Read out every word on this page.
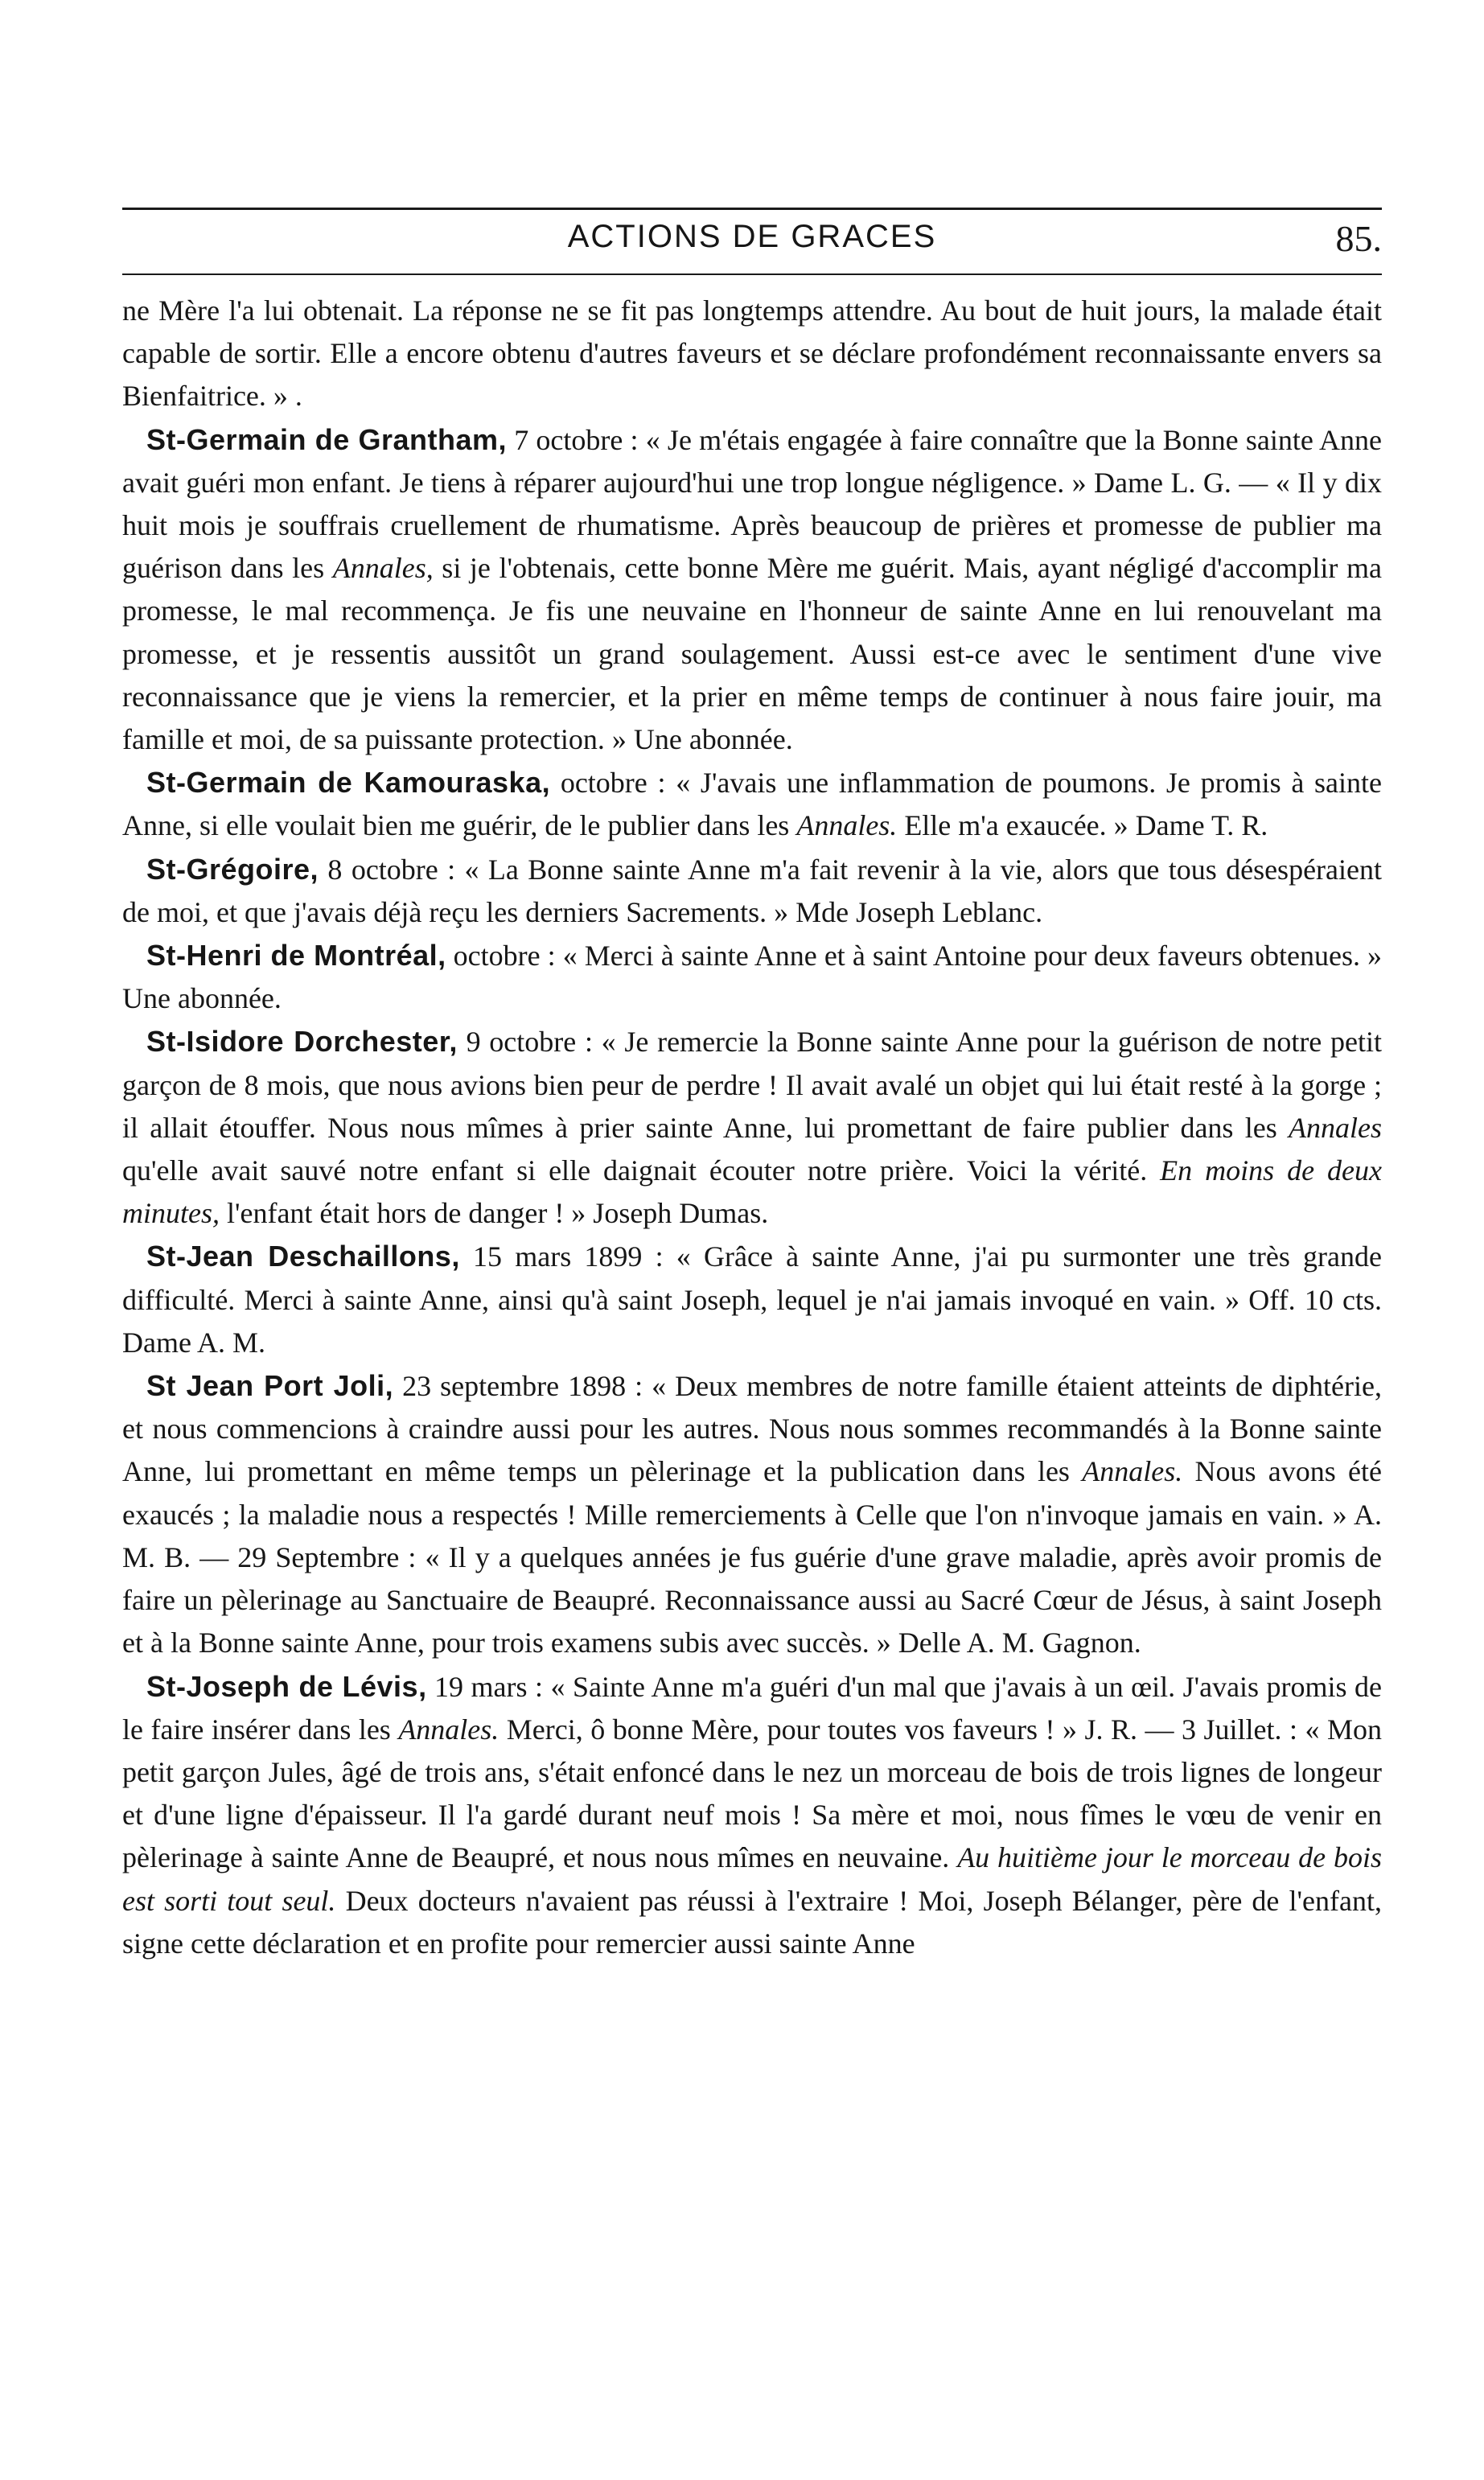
ACTIONS DE GRACES	85.

ne Mère l'a lui obtenait. La réponse ne se fit pas longtemps attendre. Au bout de huit jours, la malade était capable de sortir. Elle a encore obtenu d'autres faveurs et se déclare profondément reconnaissante envers sa Bienfaitrice. » .

St-Germain de Grantham, 7 octobre : « Je m'étais engagée à faire connaître que la Bonne sainte Anne avait guéri mon enfant. Je tiens à réparer aujourd'hui une trop longue négligence. » Dame L. G. — « Il y dix huit mois je souffrais cruellement de rhumatisme. Après beaucoup de prières et promesse de publier ma guérison dans les Annales, si je l'obtenais, cette bonne Mère me guérit. Mais, ayant négligé d'accomplir ma promesse, le mal recommença. Je fis une neuvaine en l'honneur de sainte Anne en lui renouvelant ma promesse, et je ressentis aussitôt un grand soulagement. Aussi est-ce avec le sentiment d'une vive reconnaissance que je viens la remercier, et la prier en même temps de continuer à nous faire jouir, ma famille et moi, de sa puissante protection. » Une abonnée.

St-Germain de Kamouraska, octobre : « J'avais une inflammation de poumons. Je promis à sainte Anne, si elle voulait bien me guérir, de le publier dans les Annales. Elle m'a exaucée. » Dame T. R.

St-Grégoire, 8 octobre : « La Bonne sainte Anne m'a fait revenir à la vie, alors que tous désespéraient de moi, et que j'avais déjà reçu les derniers Sacrements. » Mde Joseph Leblanc.

St-Henri de Montréal, octobre : « Merci à sainte Anne et à saint Antoine pour deux faveurs obtenues. » Une abonnée.

St-Isidore Dorchester, 9 octobre : « Je remercie la Bonne sainte Anne pour la guérison de notre petit garçon de 8 mois, que nous avions bien peur de perdre ! Il avait avalé un objet qui lui était resté à la gorge ; il allait étouffer. Nous nous mîmes à prier sainte Anne, lui promettant de faire publier dans les Annales qu'elle avait sauvé notre enfant si elle daignait écouter notre prière. Voici la vérité. En moins de deux minutes, l'enfant était hors de danger ! » Joseph Dumas.

St-Jean Deschaillons, 15 mars 1899 : « Grâce à sainte Anne, j'ai pu surmonter une très grande difficulté. Merci à sainte Anne, ainsi qu'à saint Joseph, lequel je n'ai jamais invoqué en vain. » Off. 10 cts. Dame A. M.

St Jean Port Joli, 23 septembre 1898 : « Deux membres de notre famille étaient atteints de diphtérie, et nous commencions à craindre aussi pour les autres. Nous nous sommes recommandés à la Bonne sainte Anne, lui promettant en même temps un pèlerinage et la publication dans les Annales. Nous avons été exaucés ; la maladie nous a respectés ! Mille remerciements à Celle que l'on n'invoque jamais en vain. » A. M. B. — 29 Septembre : « Il y a quelques années je fus guérie d'une grave maladie, après avoir promis de faire un pèlerinage au Sanctuaire de Beaupré. Reconnaissance aussi au Sacré Cœur de Jésus, à saint Joseph et à la Bonne sainte Anne, pour trois examens subis avec succès. » Delle A. M. Gagnon.

St-Joseph de Lévis, 19 mars : « Sainte Anne m'a guéri d'un mal que j'avais à un œil. J'avais promis de le faire insérer dans les Annales. Merci, ô bonne Mère, pour toutes vos faveurs ! » J. R. — 3 Juillet. : « Mon petit garçon Jules, âgé de trois ans, s'était enfoncé dans le nez un morceau de bois de trois lignes de longeur et d'une ligne d'épaisseur. Il l'a gardé durant neuf mois ! Sa mère et moi, nous fîmes le vœu de venir en pèlerinage à sainte Anne de Beaupré, et nous nous mîmes en neuvaine. Au huitième jour le morceau de bois est sorti tout seul. Deux docteurs n'avaient pas réussi à l'extraire ! Moi, Joseph Bélanger, père de l'enfant, signe cette déclaration et en profite pour remercier aussi sainte Anne
